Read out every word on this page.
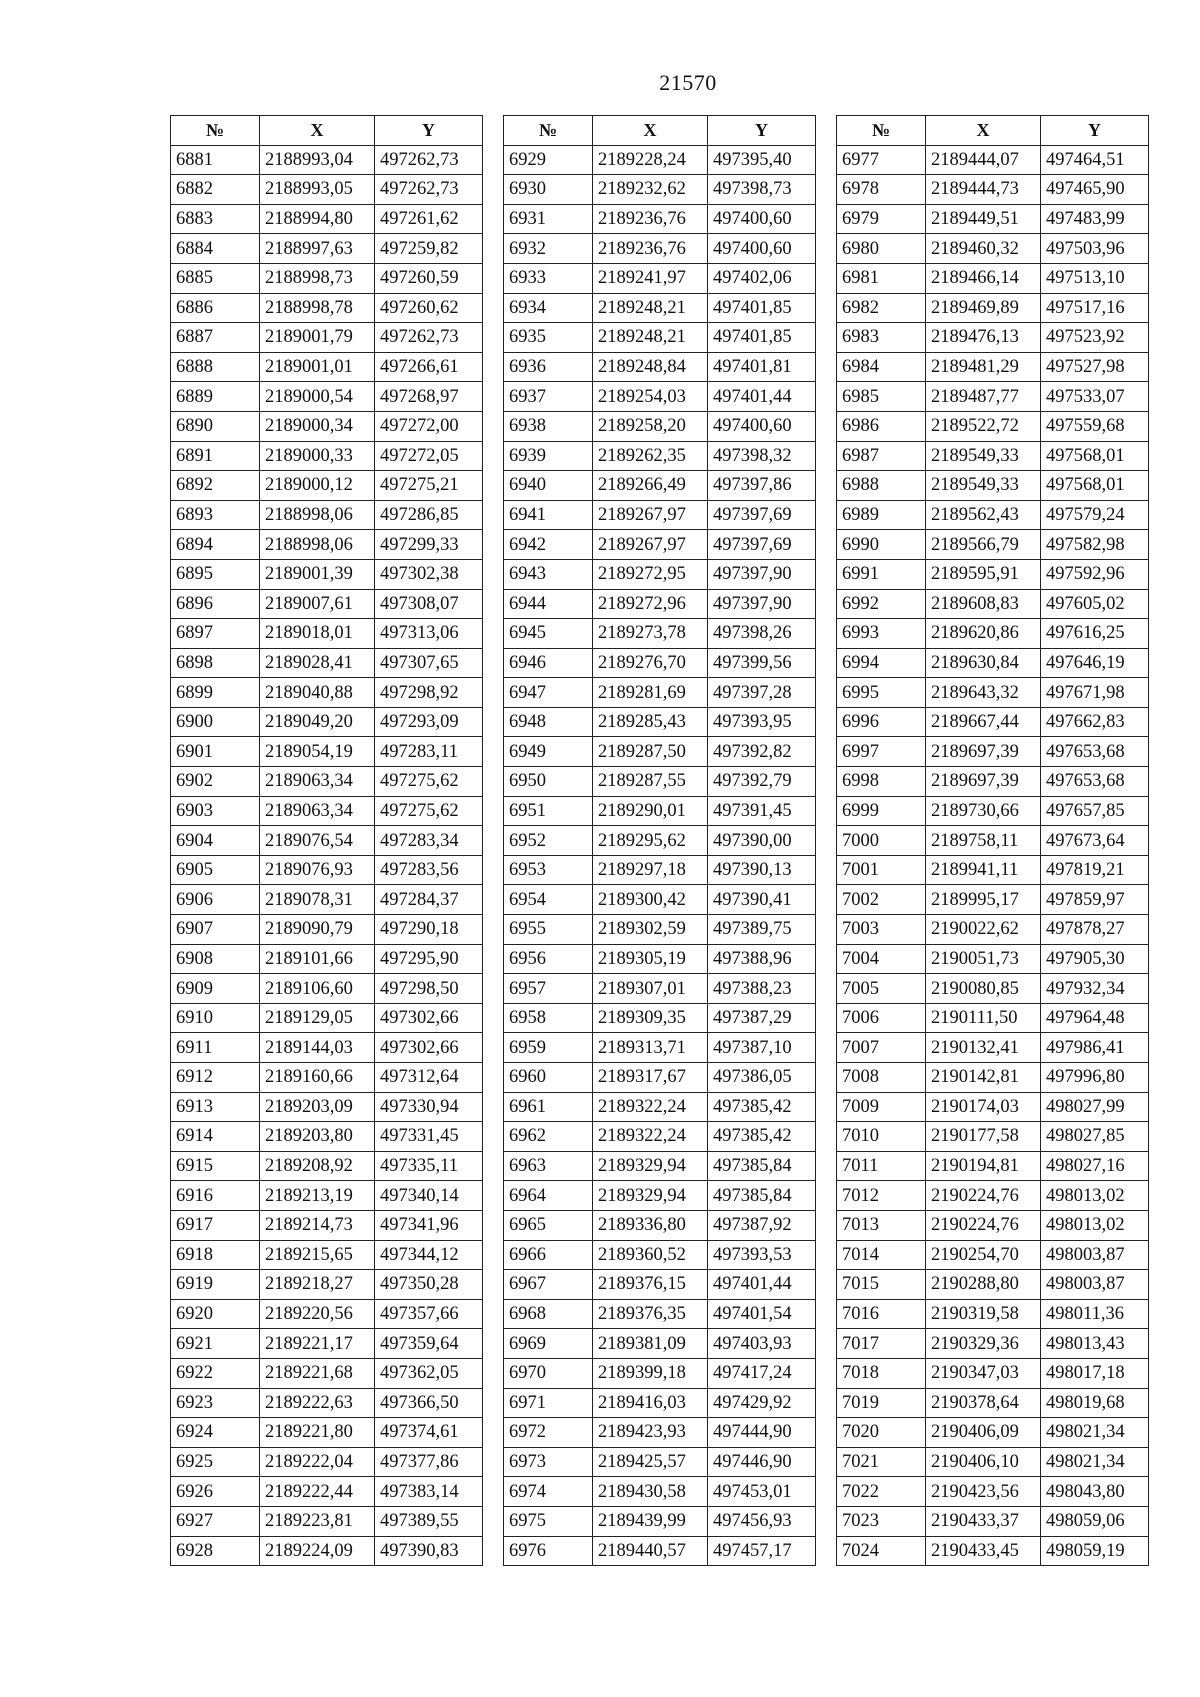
21570
№	X	Y
6881	2188993,04	497262,73
6882	2188993,05	497262,73
6883	2188994,80	497261,62
6884	2188997,63	497259,82
6885	2188998,73	497260,59
6886	2188998,78	497260,62
6887	2189001,79	497262,73
6888	2189001,01	497266,61
6889	2189000,54	497268,97
6890	2189000,34	497272,00
6891	2189000,33	497272,05
6892	2189000,12	497275,21
6893	2188998,06	497286,85
6894	2188998,06	497299,33
6895	2189001,39	497302,38
6896	2189007,61	497308,07
6897	2189018,01	497313,06
6898	2189028,41	497307,65
6899	2189040,88	497298,92
6900	2189049,20	497293,09
6901	2189054,19	497283,11
6902	2189063,34	497275,62
6903	2189063,34	497275,62
6904	2189076,54	497283,34
6905	2189076,93	497283,56
6906	2189078,31	497284,37
6907	2189090,79	497290,18
6908	2189101,66	497295,90
6909	2189106,60	497298,50
6910	2189129,05	497302,66
6911	2189144,03	497302,66
6912	2189160,66	497312,64
6913	2189203,09	497330,94
6914	2189203,80	497331,45
6915	2189208,92	497335,11
6916	2189213,19	497340,14
6917	2189214,73	497341,96
6918	2189215,65	497344,12
6919	2189218,27	497350,28
6920	2189220,56	497357,66
6921	2189221,17	497359,64
6922	2189221,68	497362,05
6923	2189222,63	497366,50
6924	2189221,80	497374,61
6925	2189222,04	497377,86
6926	2189222,44	497383,14
6927	2189223,81	497389,55
6928	2189224,09	497390,83
№	X	Y
6929	2189228,24	497395,40
6930	2189232,62	497398,73
6931	2189236,76	497400,60
6932	2189236,76	497400,60
6933	2189241,97	497402,06
6934	2189248,21	497401,85
6935	2189248,21	497401,85
6936	2189248,84	497401,81
6937	2189254,03	497401,44
6938	2189258,20	497400,60
6939	2189262,35	497398,32
6940	2189266,49	497397,86
6941	2189267,97	497397,69
6942	2189267,97	497397,69
6943	2189272,95	497397,90
6944	2189272,96	497397,90
6945	2189273,78	497398,26
6946	2189276,70	497399,56
6947	2189281,69	497397,28
6948	2189285,43	497393,95
6949	2189287,50	497392,82
6950	2189287,55	497392,79
6951	2189290,01	497391,45
6952	2189295,62	497390,00
6953	2189297,18	497390,13
6954	2189300,42	497390,41
6955	2189302,59	497389,75
6956	2189305,19	497388,96
6957	2189307,01	497388,23
6958	2189309,35	497387,29
6959	2189313,71	497387,10
6960	2189317,67	497386,05
6961	2189322,24	497385,42
6962	2189322,24	497385,42
6963	2189329,94	497385,84
6964	2189329,94	497385,84
6965	2189336,80	497387,92
6966	2189360,52	497393,53
6967	2189376,15	497401,44
6968	2189376,35	497401,54
6969	2189381,09	497403,93
6970	2189399,18	497417,24
6971	2189416,03	497429,92
6972	2189423,93	497444,90
6973	2189425,57	497446,90
6974	2189430,58	497453,01
6975	2189439,99	497456,93
6976	2189440,57	497457,17
№	X	Y
6977	2189444,07	497464,51
6978	2189444,73	497465,90
6979	2189449,51	497483,99
6980	2189460,32	497503,96
6981	2189466,14	497513,10
6982	2189469,89	497517,16
6983	2189476,13	497523,92
6984	2189481,29	497527,98
6985	2189487,77	497533,07
6986	2189522,72	497559,68
6987	2189549,33	497568,01
6988	2189549,33	497568,01
6989	2189562,43	497579,24
6990	2189566,79	497582,98
6991	2189595,91	497592,96
6992	2189608,83	497605,02
6993	2189620,86	497616,25
6994	2189630,84	497646,19
6995	2189643,32	497671,98
6996	2189667,44	497662,83
6997	2189697,39	497653,68
6998	2189697,39	497653,68
6999	2189730,66	497657,85
7000	2189758,11	497673,64
7001	2189941,11	497819,21
7002	2189995,17	497859,97
7003	2190022,62	497878,27
7004	2190051,73	497905,30
7005	2190080,85	497932,34
7006	2190111,50	497964,48
7007	2190132,41	497986,41
7008	2190142,81	497996,80
7009	2190174,03	498027,99
7010	2190177,58	498027,85
7011	2190194,81	498027,16
7012	2190224,76	498013,02
7013	2190224,76	498013,02
7014	2190254,70	498003,87
7015	2190288,80	498003,87
7016	2190319,58	498011,36
7017	2190329,36	498013,43
7018	2190347,03	498017,18
7019	2190378,64	498019,68
7020	2190406,09	498021,34
7021	2190406,10	498021,34
7022	2190423,56	498043,80
7023	2190433,37	498059,06
7024	2190433,45	498059,19
